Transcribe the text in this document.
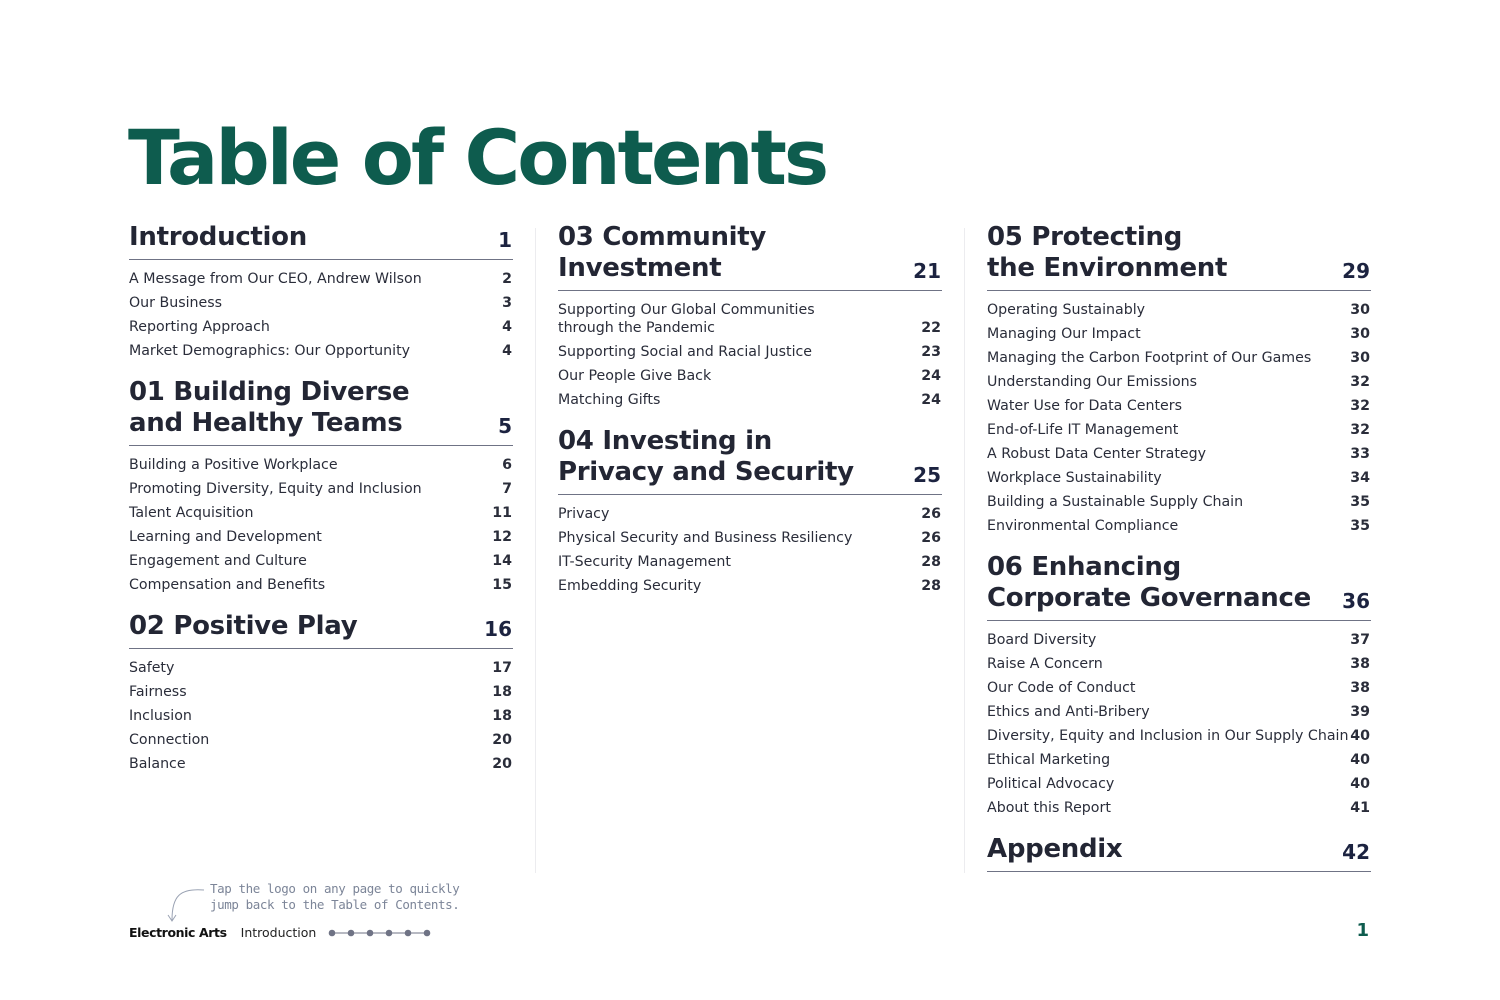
Table of Contents
Introduction	1
A Message from Our CEO, Andrew Wilson	2
Our Business	3
Reporting Approach	4
Market Demographics: Our Opportunity	4
01 Building Diverse
and Healthy Teams	5
Building a Positive Workplace	6
Promoting Diversity, Equity and Inclusion	7
Talent Acquisition	11
Learning and Development	12
Engagement and Culture	14
Compensation and Benefits	15
02 Positive Play	16
Safety	17
Fairness	18
Inclusion	18
Connection	20
Balance	20
03 Community
Investment	21
Supporting Our Global Communities
through the Pandemic	22
Supporting Social and Racial Justice	23
Our People Give Back	24
Matching Gifts	24
04 Investing in
Privacy and Security	25
Privacy	26
Physical Security and Business Resiliency	26
IT-Security Management	28
Embedding Security	28
05 Protecting
the Environment	29
Operating Sustainably	30
Managing Our Impact	30
Managing the Carbon Footprint of Our Games	30
Understanding Our Emissions	32
Water Use for Data Centers	32
End-of-Life IT Management	32
A Robust Data Center Strategy	33
Workplace Sustainability	34
Building a Sustainable Supply Chain	35
Environmental Compliance	35
06 Enhancing
Corporate Governance 36
Board Diversity	37
Raise A Concern	38
Our Code of Conduct	38
Ethics and Anti-Bribery	39
Diversity, Equity and Inclusion in Our Supply Chain 40
Ethical Marketing	40
Political Advocacy	40
About this Report	41
Appendix	42
Tap the logo on any page to quickly
jump back to the Table of Contents.
Electronic Arts Introduction	1
